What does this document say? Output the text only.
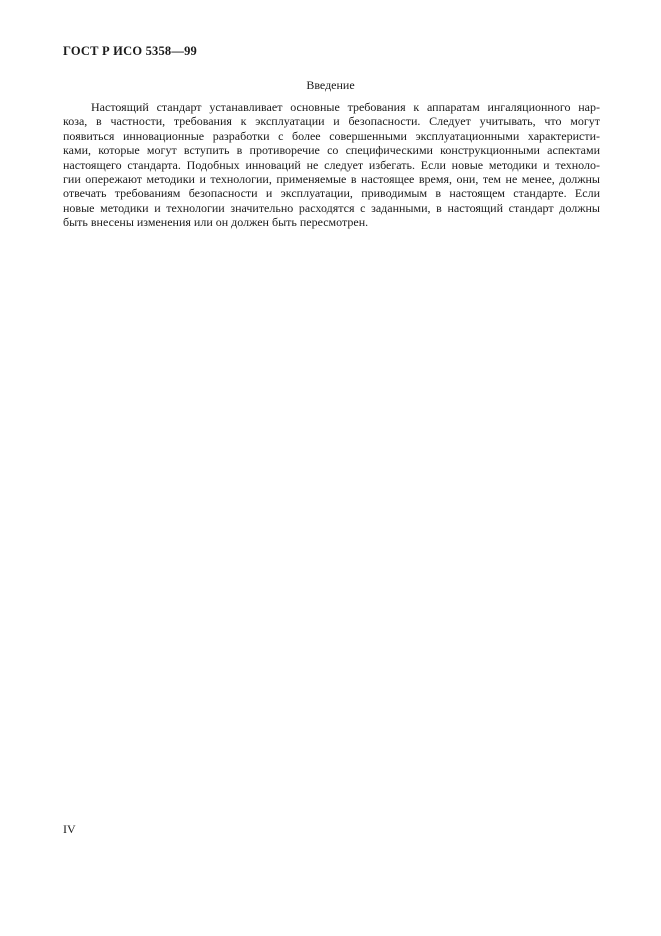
ГОСТ Р ИСО 5358—99
Введение
Настоящий стандарт устанавливает основные требования к аппаратам ингаляционного нар-
коза, в частности, требования к эксплуатации и безопасности. Следует учитывать, что могут
появиться инновационные разработки с более совершенными эксплуатационными характеристи-
ками, которые могут вступить в противоречие со специфическими конструкционными аспектами
настоящего стандарта. Подобных инноваций не следует избегать. Если новые методики и техноло-
гии опережают методики и технологии, применяемые в настоящее время, они, тем не менее, должны
отвечать требованиям безопасности и эксплуатации, приводимым в настоящем стандарте. Если
новые методики и технологии значительно расходятся с заданными, в настоящий стандарт должны
быть внесены изменения или он должен быть пересмотрен.
IV
